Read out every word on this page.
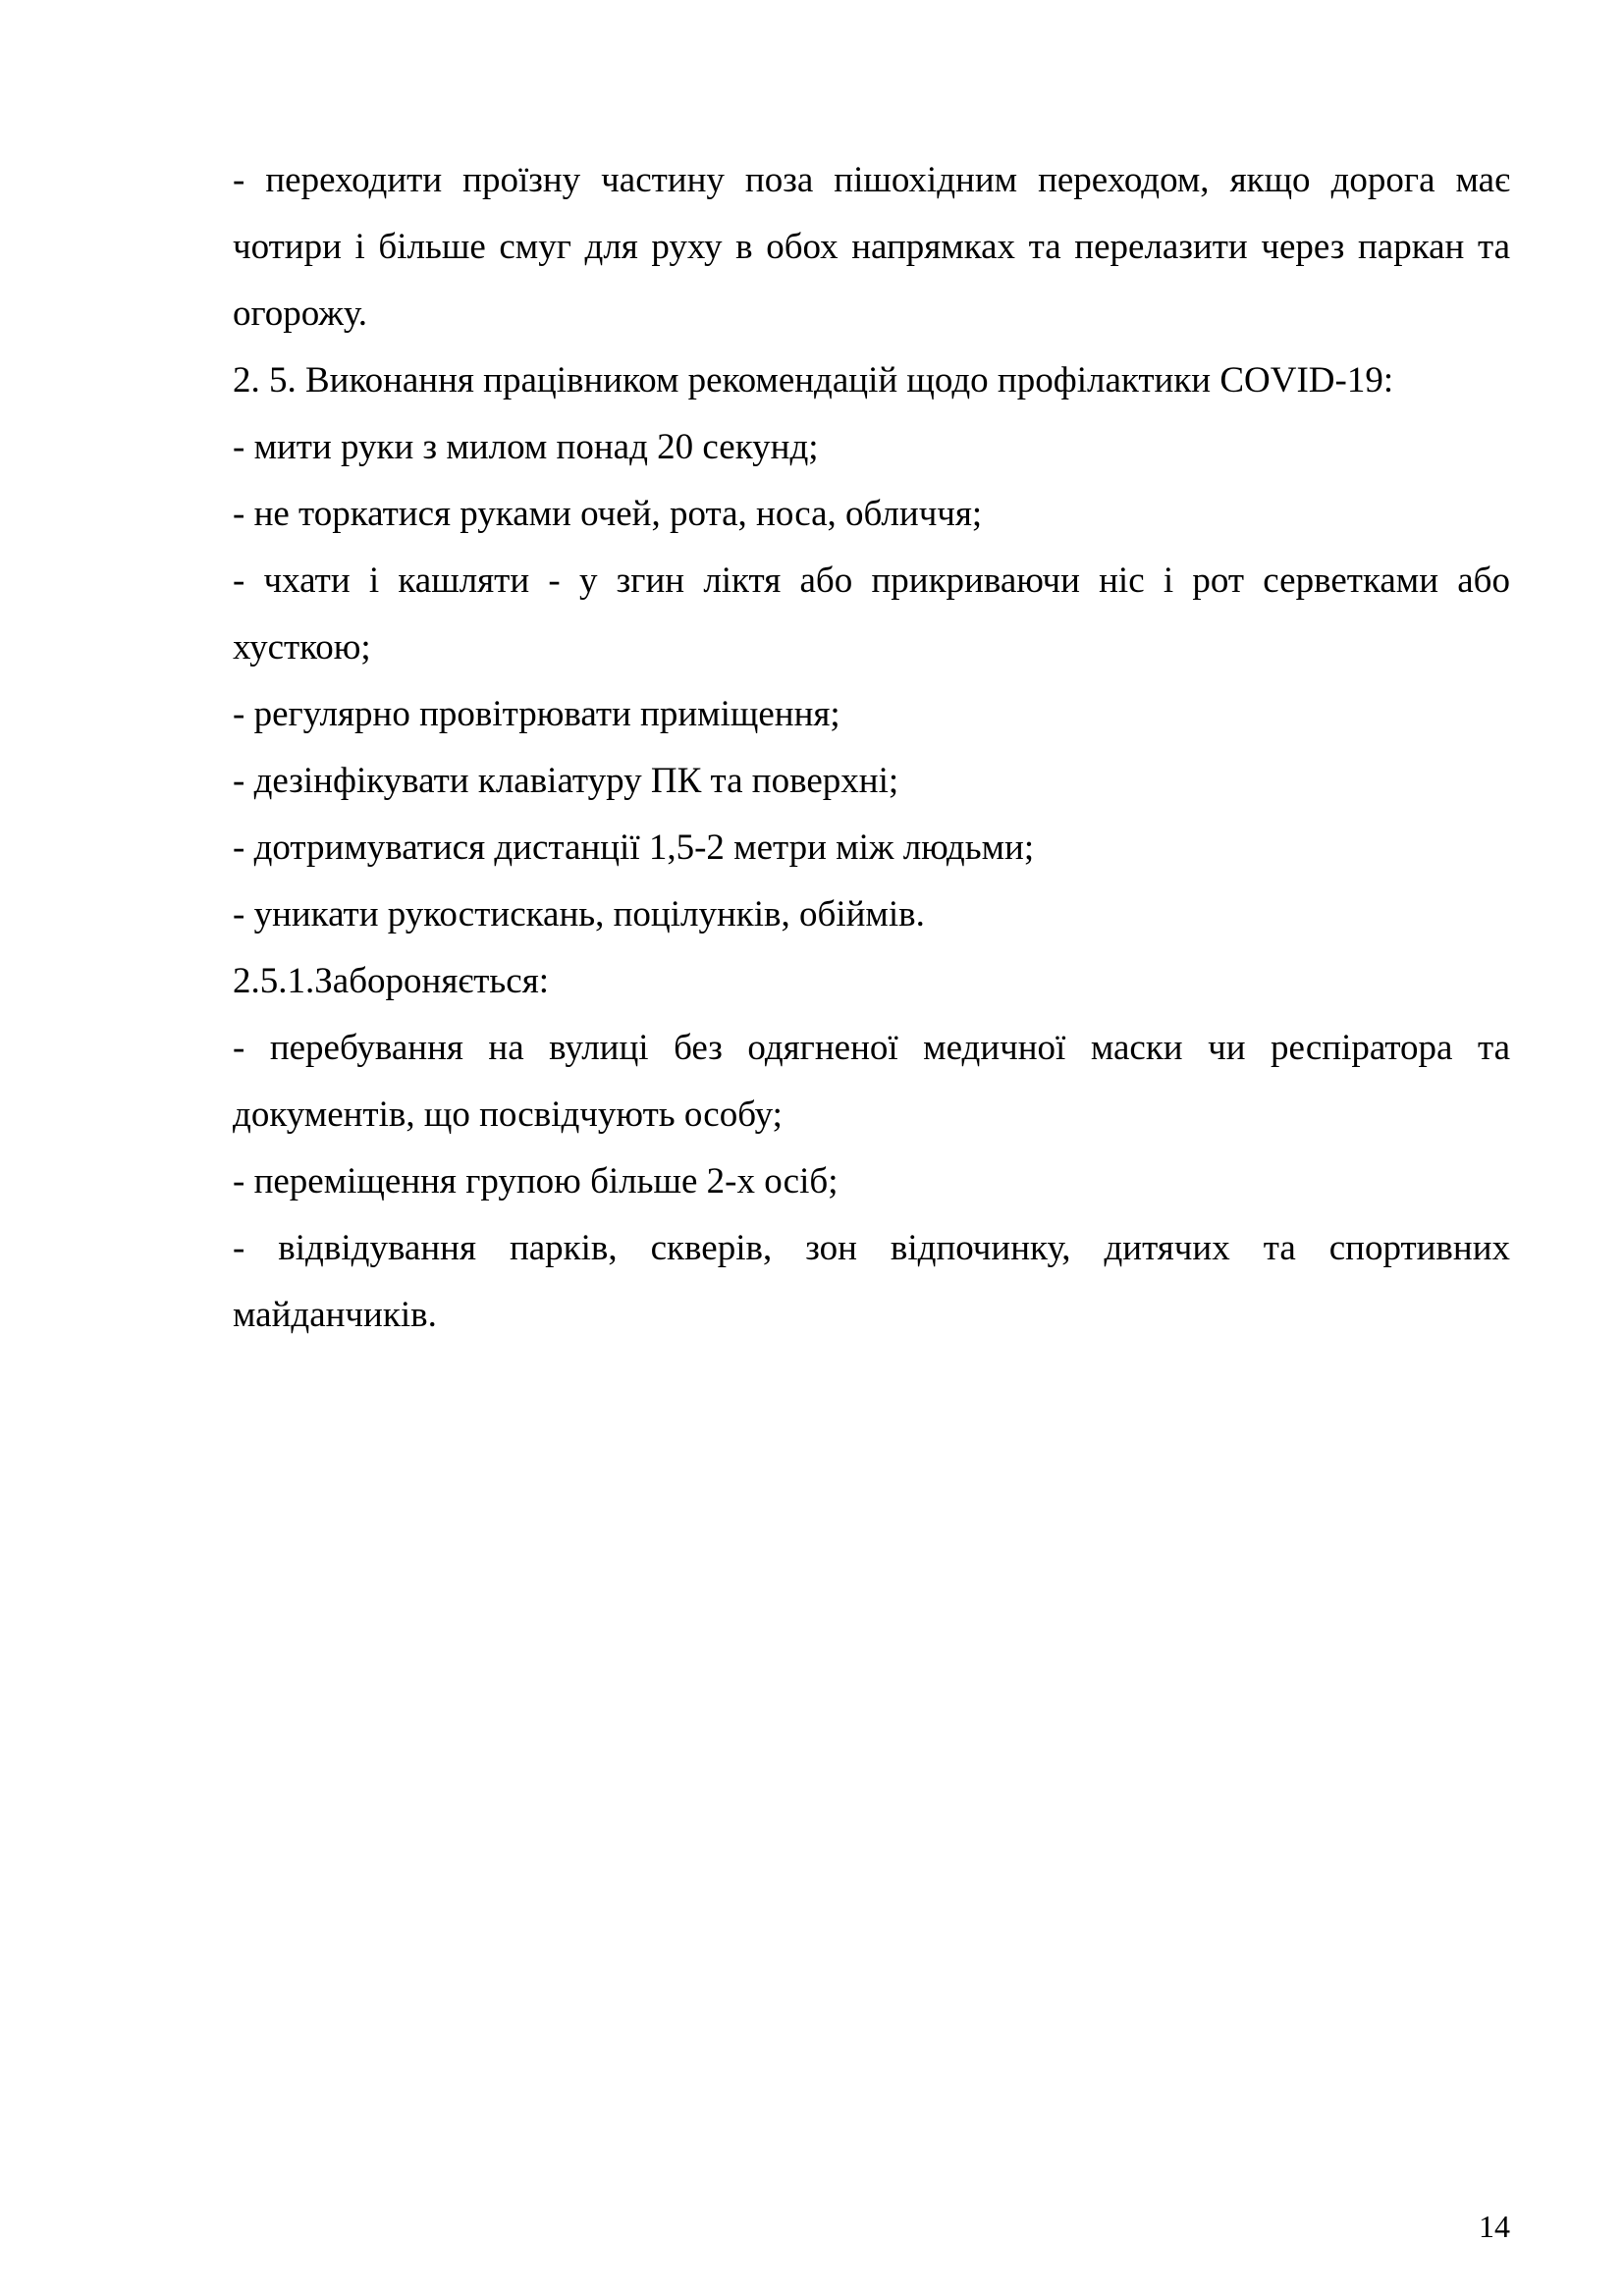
- переходити проїзну частину поза пішохідним переходом, якщо дорога має чотири і більше смуг для руху в обох напрямках та перелазити через паркан та огорожу.

2. 5. Виконання працівником рекомендацій щодо профілактики COVID-19:

- мити руки з милом понад 20 секунд;

- не торкатися руками очей, рота, носа, обличчя;

- чхати і кашляти - у згин ліктя або прикриваючи ніс і рот серветками або хусткою;

- регулярно провітрювати приміщення;

- дезінфікувати клавіатуру ПК та поверхні;

- дотримуватися дистанції 1,5-2 метри між людьми;

- уникати рукостискань, поцілунків, обіймів.

2.5.1.Забороняється:

- перебування на вулиці без одягненої медичної маски чи респіратора та документів, що посвідчують особу;

- переміщення групою більше 2-х осіб;

- відвідування парків, скверів, зон відпочинку, дитячих та спортивних майданчиків.

14
